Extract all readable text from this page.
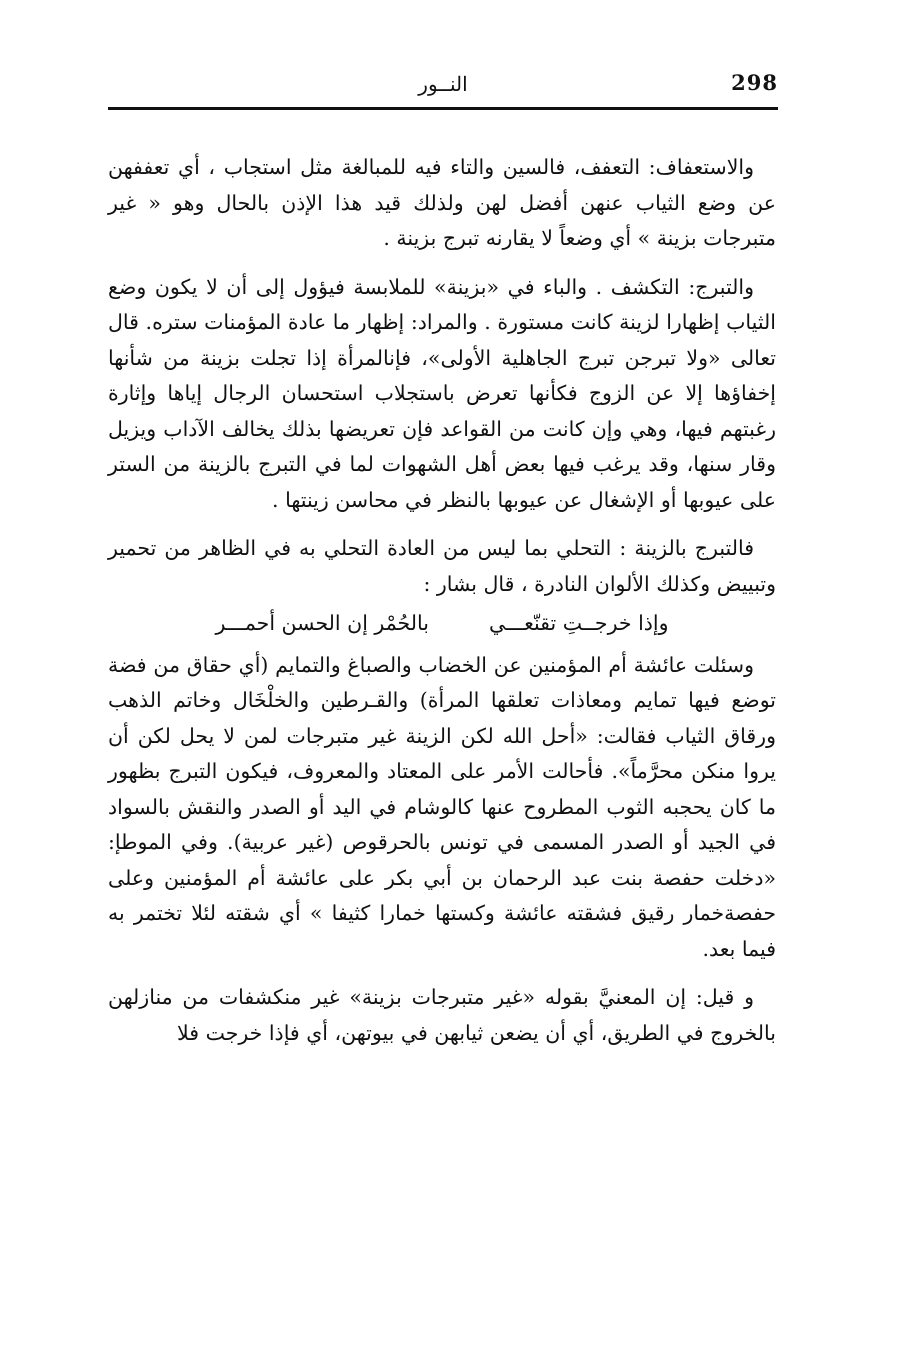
298
النــور

والاستعفاف: التعفف، فالسين والتاء فيه للمبالغة مثل استجاب ، أي تعففهن عن وضع الثياب عنهن أفضل لهن ولذلك قيد هذا الإذن بالحال وهو « غير متبرجات بزينة » أي وضعاً لا يقارنه تبرج بزينة .

والتبرج: التكشف . والباء في «بزينة» للملابسة فيؤول إلى أن لا يكون وضع الثياب إظهارا لزينة كانت مستورة . والمراد: إظهار ما عادة المؤمنات ستره. قال تعالى «ولا تبرجن تبرج الجاهلية الأولى»، فإنالمرأة إذا تجلت بزينة من شأنها إخفاؤها إلا عن الزوج فكأنها تعرض باستجلاب استحسان الرجال إياها وإثارة رغبتهم فيها، وهي وإن كانت من القواعد فإن تعريضها بذلك يخالف الآداب ويزيل وقار سنها، وقد يرغب فيها بعض أهل الشهوات لما في التبرج بالزينة من الستر على عيوبها أو الإشغال عن عيوبها بالنظر في محاسن زينتها .

فالتبرج بالزينة : التحلي بما ليس من العادة التحلي به في الظاهر من تحمير وتبييض وكذلك الألوان النادرة ، قال بشار :

وإذا خرجــتِ تقنّعـــي
بالحُمْر إن الحسن أحمـــر

وسئلت عائشة أم المؤمنين عن الخضاب والصباغ والتمايم (أي حقاق من فضة توضع فيها تمايم ومعاذات تعلقها المرأة) والقـرطين والخلْخَال وخاتم الذهب ورقاق الثياب فقالت: «أحل الله لكن الزينة غير متبرجات لمن لا يحل لكن أن يروا منكن محرَّماً». فأحالت الأمر على المعتاد والمعروف، فيكون التبرج بظهور ما كان يحجبه الثوب المطروح عنها كالوشام في اليد أو الصدر والنقش بالسواد في الجيد أو الصدر المسمى في تونس بالحرقوص (غير عربية). وفي الموطإ: «دخلت حفصة بنت عبد الرحمان بن أبي بكر على عائشة أم المؤمنين وعلى حفصةخمار رقيق فشقته عائشة وكستها خمارا كثيفا » أي شقته لئلا تختمر به فيما بعد.

و قيل: إن المعنيَّ بقوله «غير متبرجات بزينة» غير منكشفات من منازلهن بالخروج في الطريق، أي أن يضعن ثيابهن في بيوتهن، أي فإذا خرجت فلا
